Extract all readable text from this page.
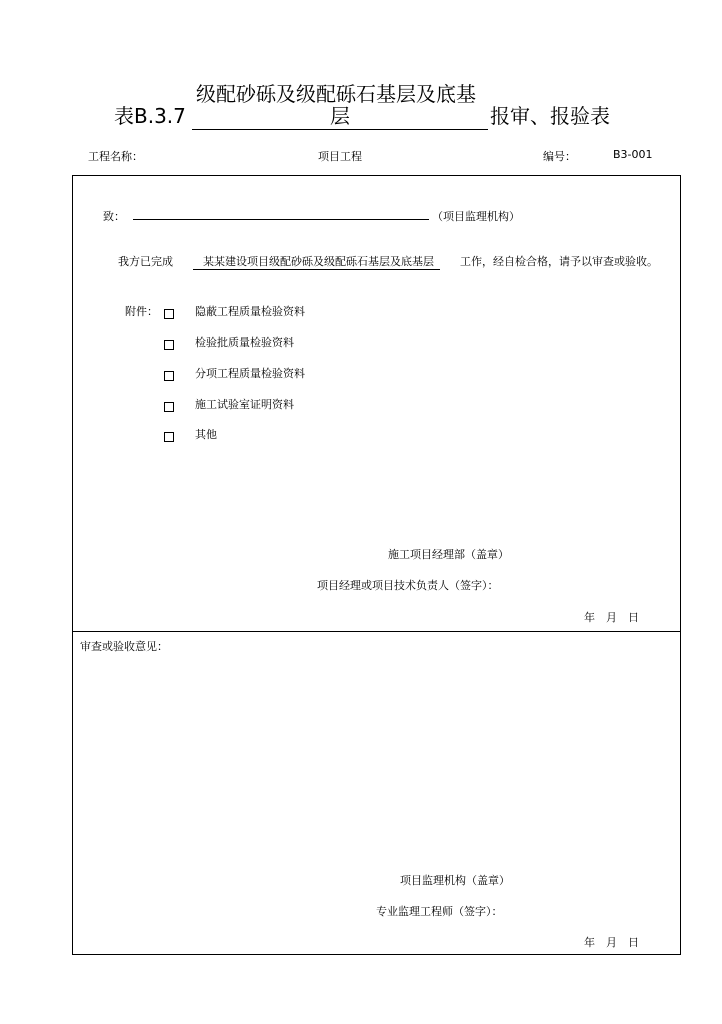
级配砂砾及级配砾石基层及底基
表B.3.7	层	报审、报验表
工程名称：	项目工程	编号：	B3-001
致：	（项目监理机构）
我方已完成	某某建设项目级配砂砾及级配砾石基层及底基层	工作，经自检合格，请予以审查或验收。
附件：	隐蔽工程质量检验资料
检验批质量检验资料
分项工程质量检验资料
施工试验室证明资料
其他
施工项目经理部（盖章）
项目经理或项目技术负责人（签字）：
年　月　日
审查或验收意见：
项目监理机构（盖章）
专业监理工程师（签字）：
年　月　日
